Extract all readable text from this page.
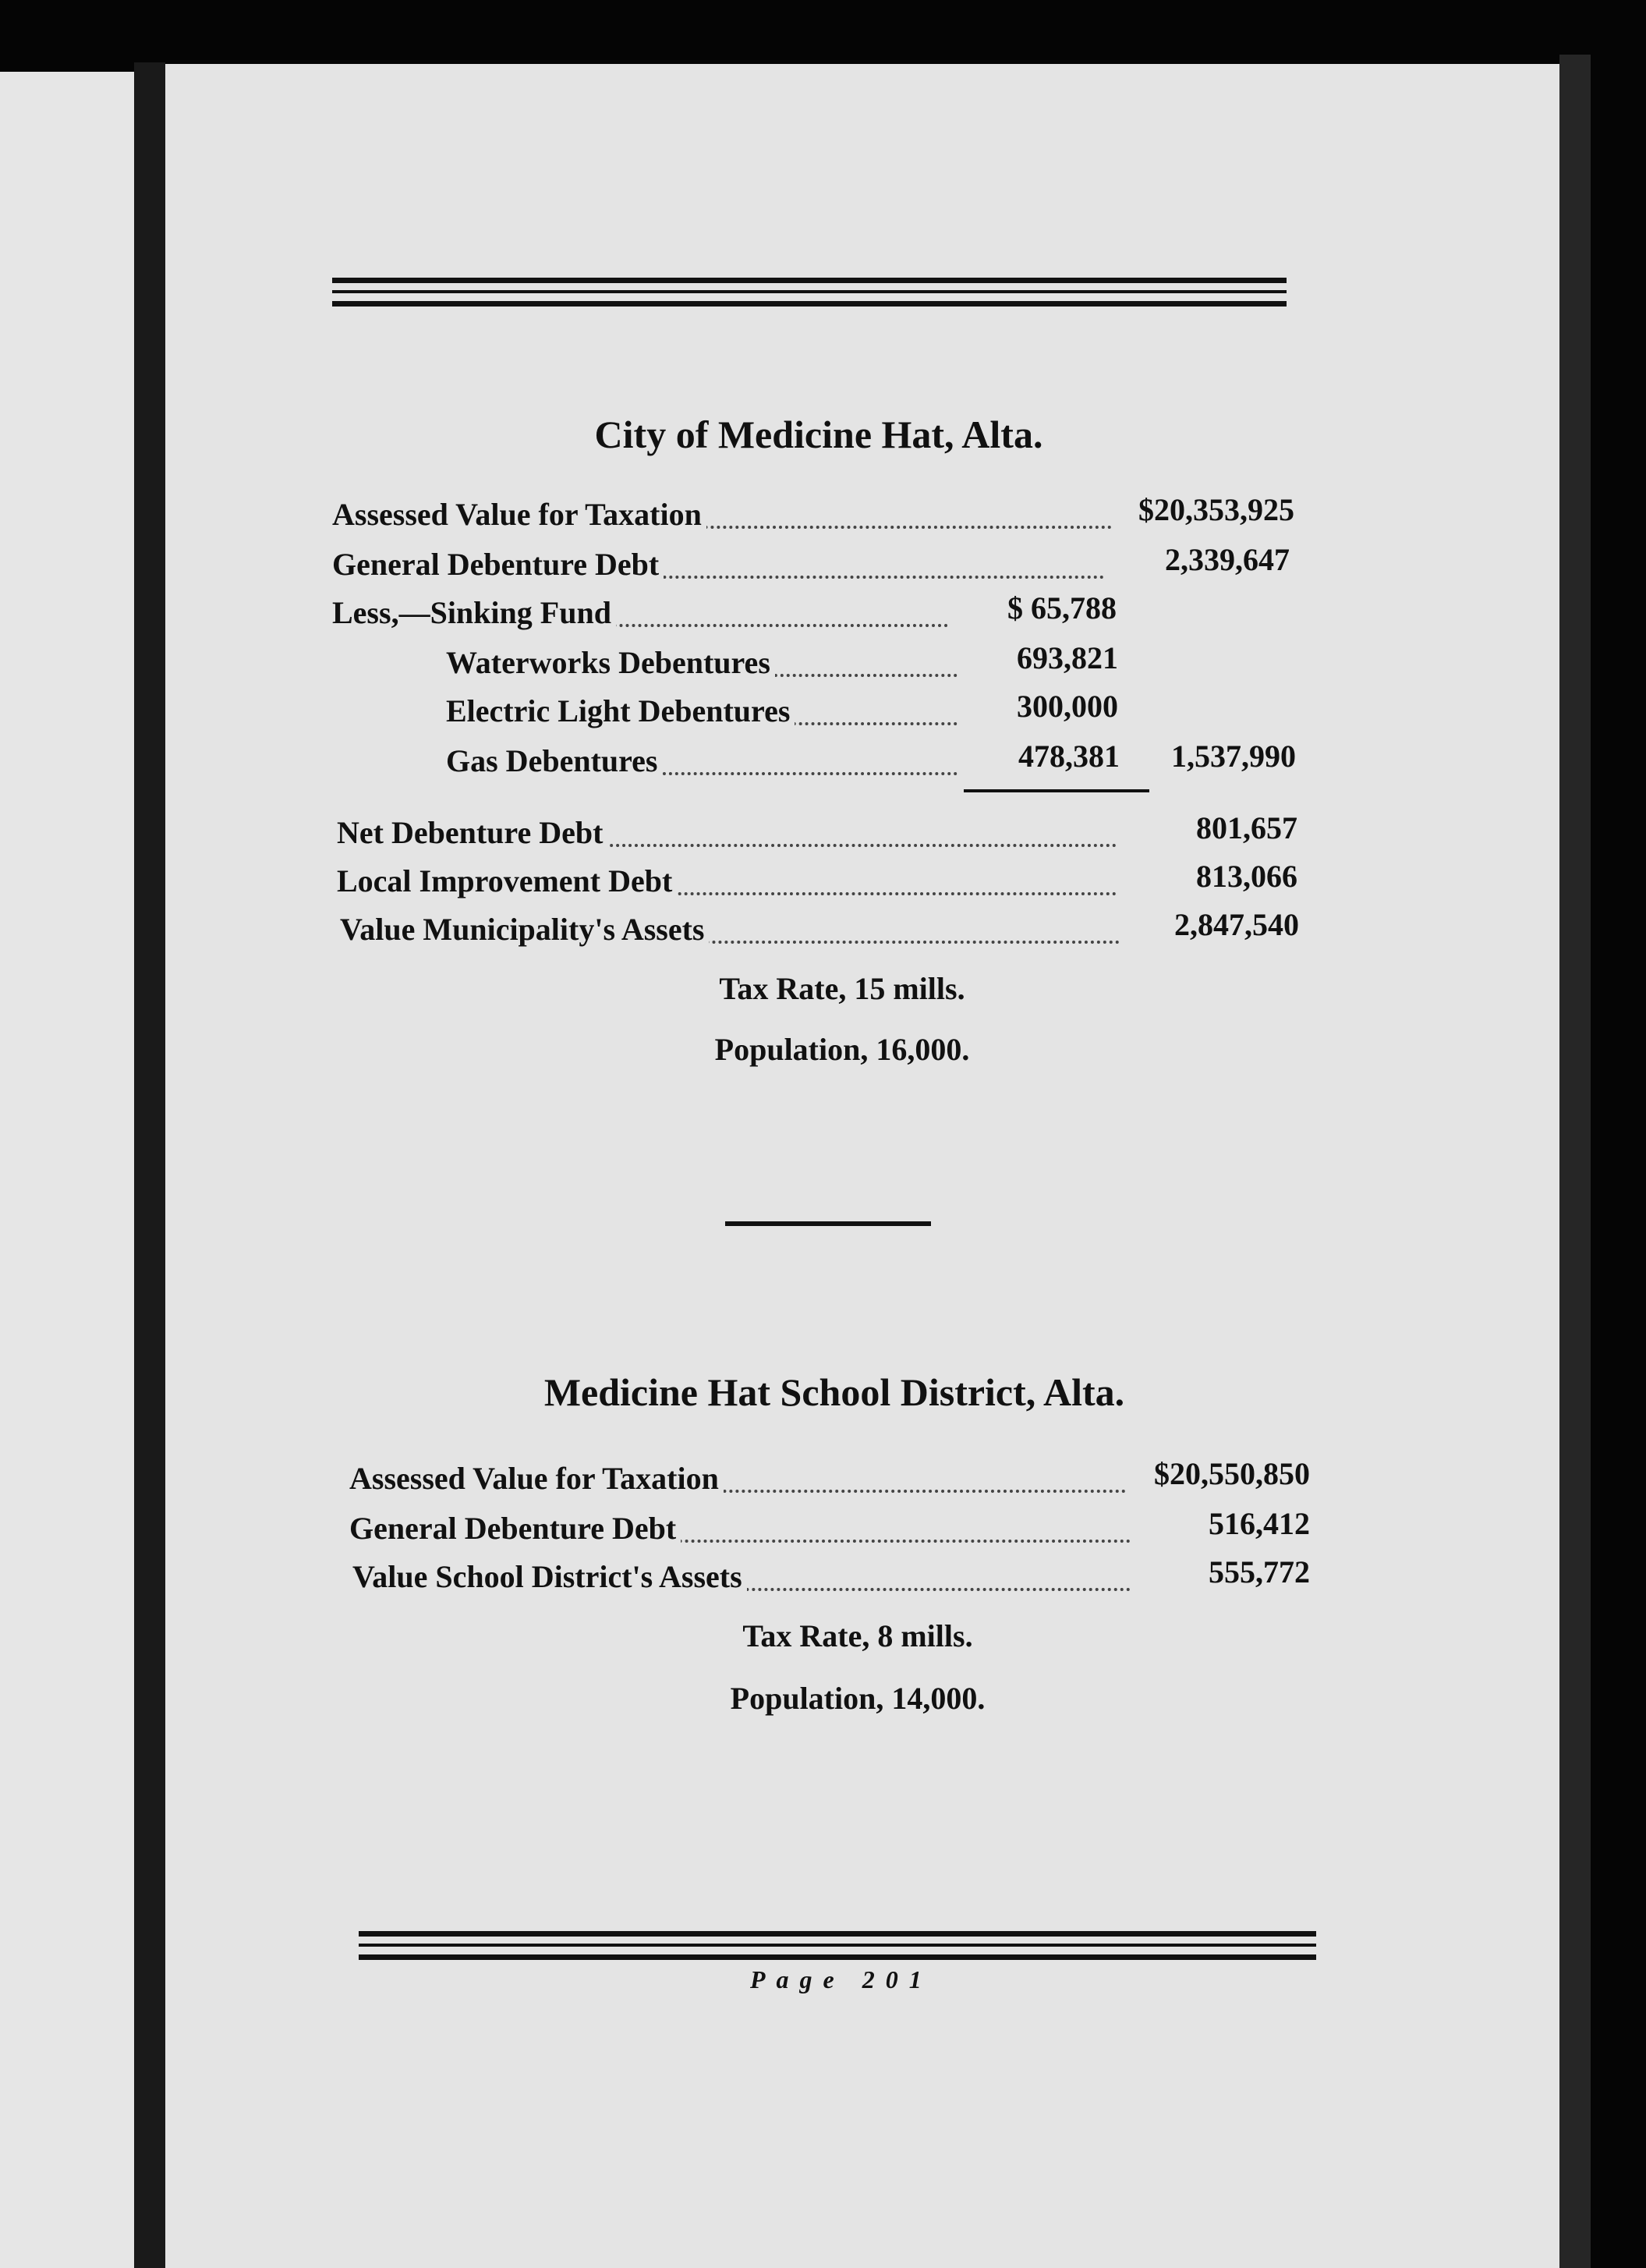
City of Medicine Hat, Alta.
Assessed Value for Taxation	$20,353,925
General Debenture Debt	2,339,647
Less,—Sinking Fund	$ 65,788
Waterworks Debentures	693,821
Electric Light Debentures	300,000
Gas Debentures	478,381	1,537,990
Net Debenture Debt	801,657
Local Improvement Debt	813,066
Value Municipality's Assets	2,847,540
Tax Rate, 15 mills.
Population, 16,000.
Medicine Hat School District, Alta.
Assessed Value for Taxation	$20,550,850
General Debenture Debt	516,412
Value School District's Assets	555,772
Tax Rate, 8 mills.
Population, 14,000.
Page 201
